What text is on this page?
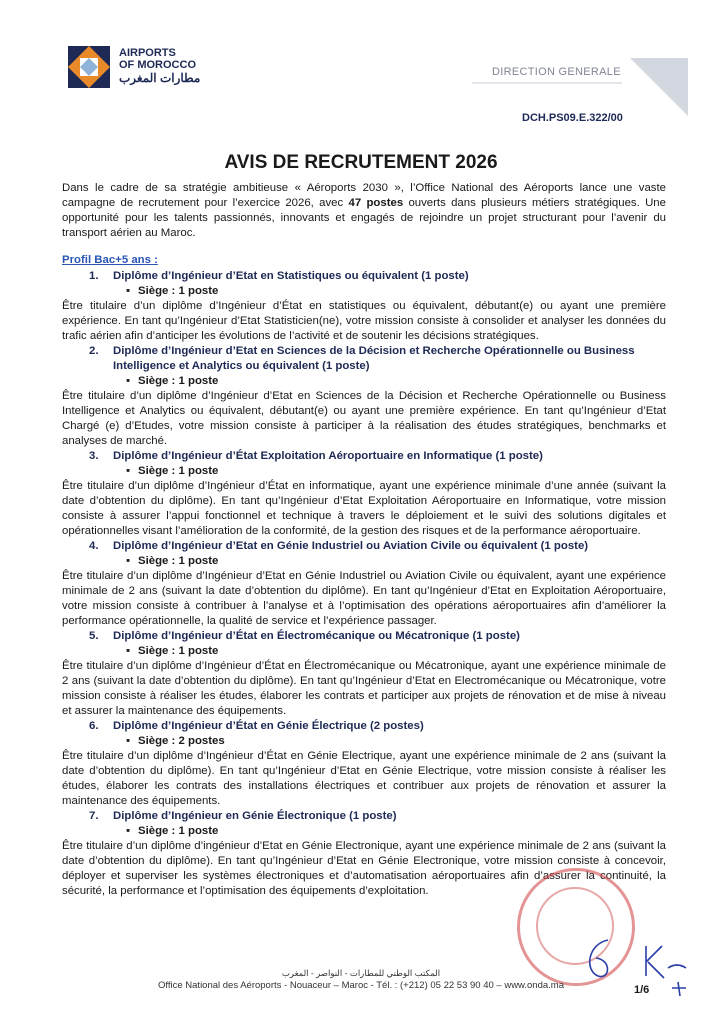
AIRPORTS
OF MOROCCO
مطارات المغرب	DIRECTION GENERALE
DCH.PS09.E.322/00
AVIS DE RECRUTEMENT 2026

Dans le cadre de sa stratégie ambitieuse « Aéroports 2030 », l’Office National des Aéroports lance une vaste campagne de recrutement pour l’exercice 2026, avec 47 postes ouverts dans plusieurs métiers stratégiques. Une opportunité pour les talents passionnés, innovants et engagés de rejoindre un projet structurant pour l’avenir du transport aérien au Maroc.

Profil Bac+5 ans :

1. Diplôme d’Ingénieur d’Etat en Statistiques ou équivalent (1 poste)

▪ Siège : 1 poste

Être titulaire d’un diplôme d’Ingénieur d’État en statistiques ou équivalent, débutant(e) ou ayant une première expérience. En tant qu’Ingénieur d’Etat Statisticien(ne), votre mission consiste à consolider et analyser les données du trafic aérien afin d’anticiper les évolutions de l’activité et de soutenir les décisions stratégiques.

2. Diplôme d’Ingénieur d’Etat en Sciences de la Décision et Recherche Opérationnelle ou Business Intelligence et Analytics ou équivalent (1 poste)

▪ Siège : 1 poste

Être titulaire d’un diplôme d’Ingénieur d’Etat en Sciences de la Décision et Recherche Opérationnelle ou Business Intelligence et Analytics ou équivalent, débutant(e) ou ayant une première expérience. En tant qu’Ingénieur d’Etat Chargé (e) d’Etudes, votre mission consiste à participer à la réalisation des études stratégiques, benchmarks et analyses de marché.

3. Diplôme d’Ingénieur d’État Exploitation Aéroportuaire en Informatique (1 poste)

▪ Siège : 1 poste

Être titulaire d’un diplôme d’Ingénieur d’État en informatique, ayant une expérience minimale d’une année (suivant la date d’obtention du diplôme). En tant qu’Ingénieur d’Etat Exploitation Aéroportuaire en Informatique, votre mission consiste à assurer l’appui fonctionnel et technique à travers le déploiement et le suivi des solutions digitales et opérationnelles visant l’amélioration de la conformité, de la gestion des risques et de la performance aéroportuaire.

4. Diplôme d’Ingénieur d’Etat en Génie Industriel ou Aviation Civile ou équivalent (1 poste)

▪ Siège : 1 poste

Être titulaire d’un diplôme d’Ingénieur d’Etat en Génie Industriel ou Aviation Civile ou équivalent, ayant une expérience minimale de 2 ans (suivant la date d’obtention du diplôme). En tant qu’Ingénieur d’Etat en Exploitation Aéroportuaire, votre mission consiste à contribuer à l’analyse et à l’optimisation des opérations aéroportuaires afin d’améliorer la performance opérationnelle, la qualité de service et l’expérience passager.

5. Diplôme d’Ingénieur d’État en Électromécanique ou Mécatronique (1 poste)

▪ Siège : 1 poste

Être titulaire d’un diplôme d’Ingénieur d’État en Électromécanique ou Mécatronique, ayant une expérience minimale de 2 ans (suivant la date d’obtention du diplôme). En tant qu’Ingénieur d’Etat en Electromécanique ou Mécatronique, votre mission consiste à réaliser les études, élaborer les contrats et participer aux projets de rénovation et de mise à niveau et assurer la maintenance des équipements.

6. Diplôme d’Ingénieur d’État en Génie Électrique (2 postes)

▪ Siège : 2 postes

Être titulaire d’un diplôme d’Ingénieur d’État en Génie Electrique, ayant une expérience minimale de 2 ans (suivant la date d’obtention du diplôme). En tant qu’Ingénieur d’Etat en Génie Electrique, votre mission consiste à réaliser les études, élaborer les contrats des installations électriques et contribuer aux projets de rénovation et assurer la maintenance des équipements.

7. Diplôme d’Ingénieur en Génie Électronique (1 poste)

▪ Siège : 1 poste

Être titulaire d’un diplôme d’ingénieur d’Etat en Génie Electronique, ayant une expérience minimale de 2 ans (suivant la date d’obtention du diplôme). En tant qu’Ingénieur d’Etat en Génie Electronique, votre mission consiste à concevoir, déployer et superviser les systèmes électroniques et d’automatisation aéroportuaires afin d’assurer la continuité, la sécurité, la performance et l’optimisation des équipements d’exploitation.

المكتب الوطني للمطارات - النواصر - المغرب
Office National des Aéroports - Nouaceur – Maroc - Tél. : (+212) 05 22 53 90 40 – www.onda.ma	1/6
